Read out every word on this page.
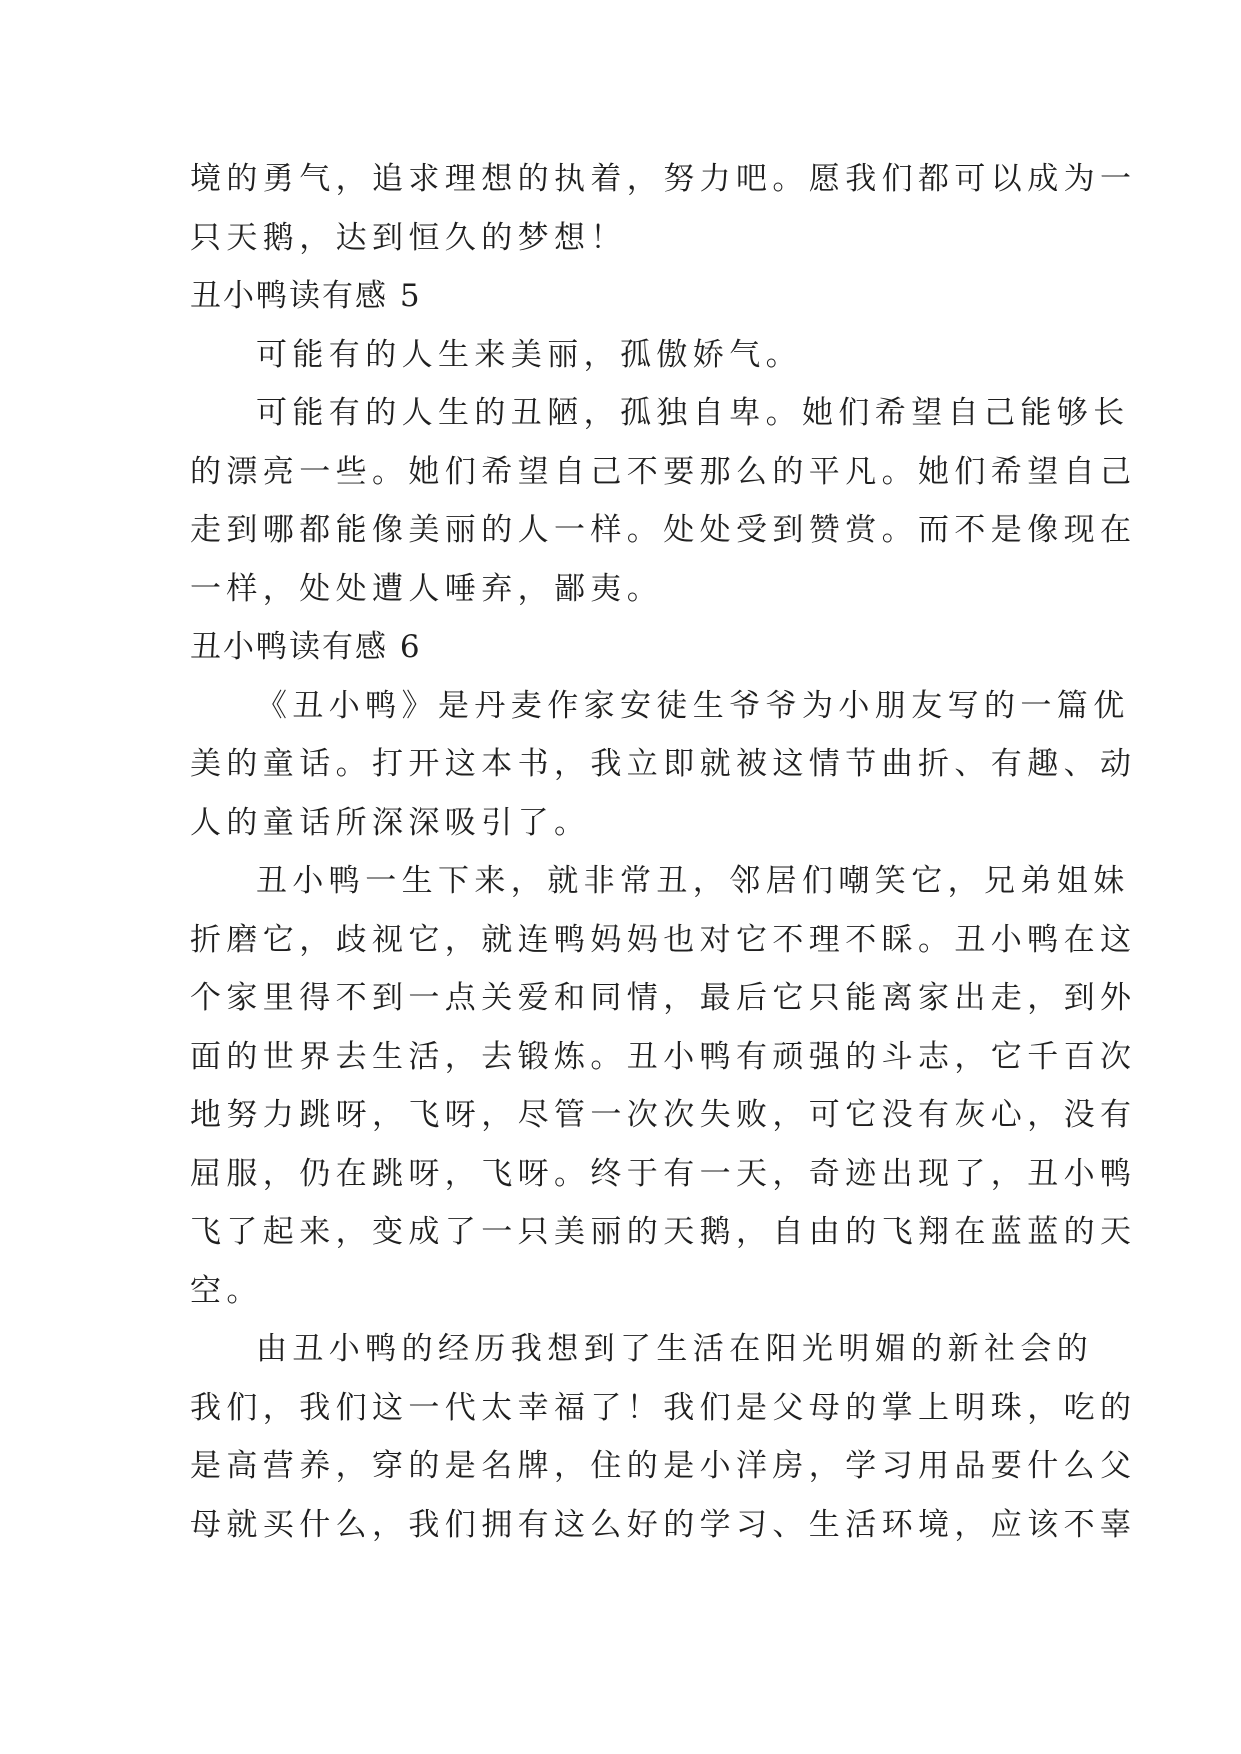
境的勇气，追求理想的执着，努力吧。愿我们都可以成为一
只天鹅，达到恒久的梦想！
丑小鸭读有感 5
可能有的人生来美丽，孤傲娇气。
可能有的人生的丑陋，孤独自卑。她们希望自己能够长
的漂亮一些。她们希望自己不要那么的平凡。她们希望自己
走到哪都能像美丽的人一样。处处受到赞赏。而不是像现在
一样，处处遭人唾弃，鄙夷。
丑小鸭读有感 6
《丑小鸭》是丹麦作家安徒生爷爷为小朋友写的一篇优
美的童话。打开这本书，我立即就被这情节曲折、有趣、动
人的童话所深深吸引了。
丑小鸭一生下来，就非常丑，邻居们嘲笑它，兄弟姐妹
折磨它，歧视它，就连鸭妈妈也对它不理不睬。丑小鸭在这
个家里得不到一点关爱和同情，最后它只能离家出走，到外
面的世界去生活，去锻炼。丑小鸭有顽强的斗志，它千百次
地努力跳呀，飞呀，尽管一次次失败，可它没有灰心，没有
屈服，仍在跳呀，飞呀。终于有一天，奇迹出现了，丑小鸭
飞了起来，变成了一只美丽的天鹅，自由的飞翔在蓝蓝的天
空。
由丑小鸭的经历我想到了生活在阳光明媚的新社会的
我们，我们这一代太幸福了！我们是父母的掌上明珠，吃的
是高营养，穿的是名牌，住的是小洋房，学习用品要什么父
母就买什么，我们拥有这么好的学习、生活环境，应该不辜
